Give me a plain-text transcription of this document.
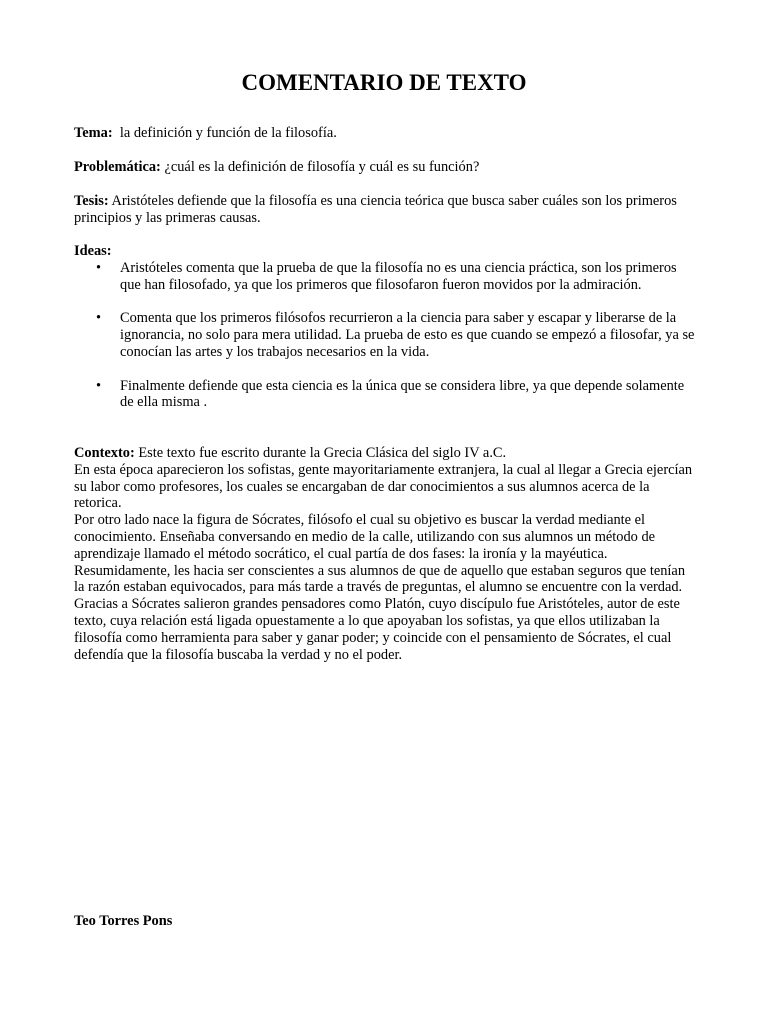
COMENTARIO DE TEXTO

Tema:  la definición y función de la filosofía.

Problemática: ¿cuál es la definición de filosofía y cuál es su función?

Tesis: Aristóteles defiende que la filosofía es una ciencia teórica que busca saber cuáles son los primeros principios y las primeras causas.

Ideas:

• Aristóteles comenta que la prueba de que la filosofía no es una ciencia práctica, son los primeros que han filosofado, ya que los primeros que filosofaron fueron movidos por la admiración.
• Comenta que los primeros filósofos recurrieron a la ciencia para saber y escapar y liberarse de la ignorancia, no solo para mera utilidad. La prueba de esto es que cuando se empezó a filosofar, ya se conocían las artes y los trabajos necesarios en la vida.
• Finalmente defiende que esta ciencia es la única que se considera libre, ya que depende solamente de ella misma .
Contexto: Este texto fue escrito durante la Grecia Clásica del siglo IV a.C.
En esta época aparecieron los sofistas, gente mayoritariamente extranjera, la cual al llegar a Grecia ejercían  su labor como profesores, los cuales se encargaban de dar conocimientos a sus alumnos acerca de la retorica.
Por otro lado nace la figura de Sócrates, filósofo el cual su objetivo es buscar la verdad mediante el conocimiento. Enseñaba conversando en medio de la calle, utilizando con sus alumnos un método de aprendizaje llamado el método socrático, el cual partía de dos fases: la ironía y la mayéutica. Resumidamente, les hacia ser conscientes a sus alumnos de que de aquello que estaban seguros que tenían la razón estaban equivocados, para más tarde a través de preguntas, el alumno se encuentre con la verdad.
Gracias a Sócrates salieron grandes pensadores como Platón, cuyo discípulo fue Aristóteles, autor de este texto, cuya relación está ligada opuestamente a lo que apoyaban los sofistas, ya que ellos utilizaban la filosofía como herramienta para saber y ganar poder; y coincide con el pensamiento de Sócrates, el cual defendía que la filosofía buscaba la verdad y no el poder.

Teo Torres Pons
